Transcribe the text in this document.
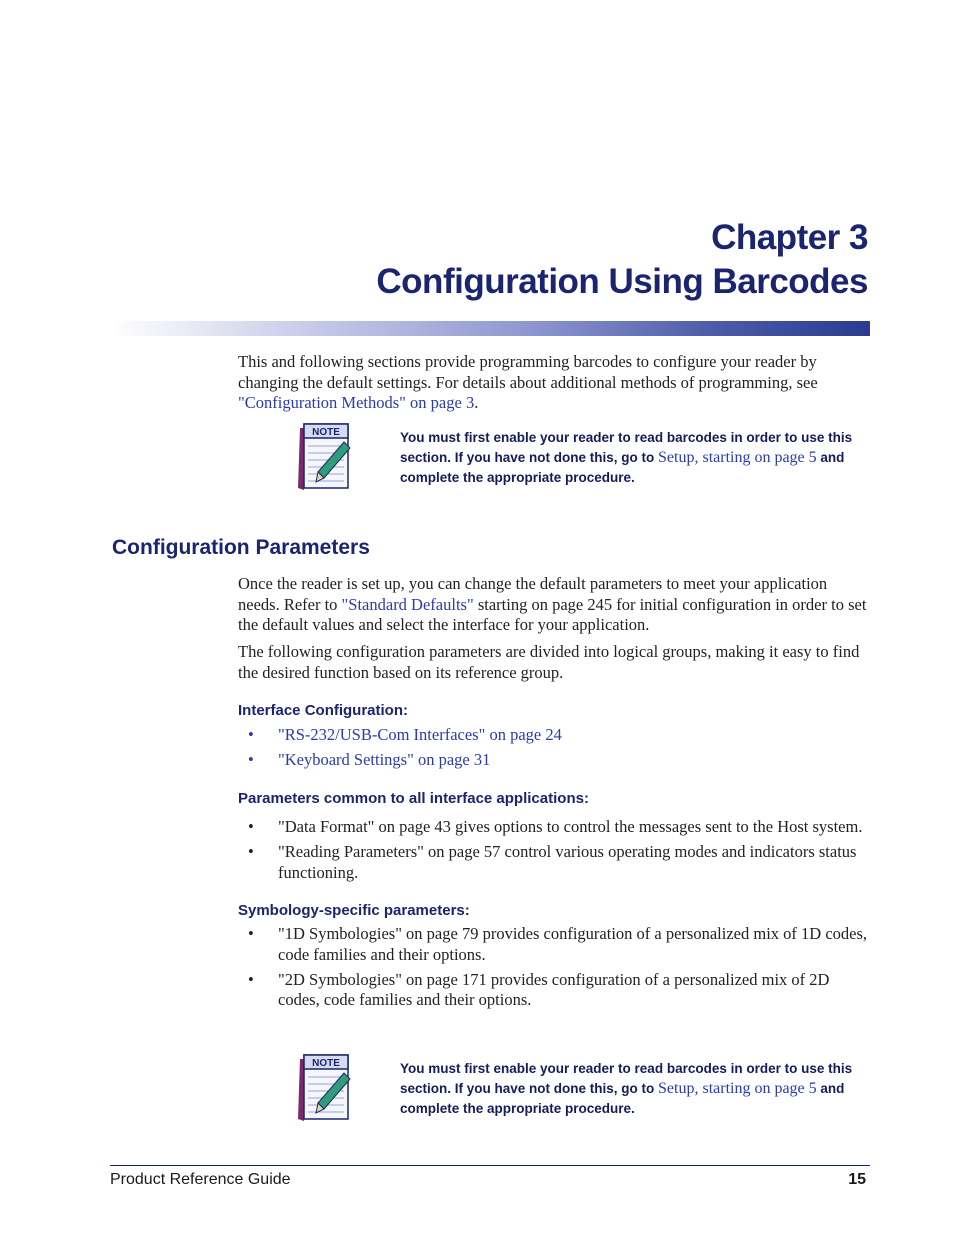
Chapter 3
Configuration Using Barcodes
This and following sections provide programming barcodes to configure your reader by changing the default settings. For details about additional methods of programming, see "Configuration Methods" on page 3.
NOTE	You must first enable your reader to read barcodes in order to use this section. If you have not done this, go to Setup, starting on page 5 and complete the appropriate procedure.
Configuration Parameters
Once the reader is set up, you can change the default parameters to meet your application needs. Refer to "Standard Defaults" starting on page 245 for initial configuration in order to set the default values and select the interface for your application.
The following configuration parameters are divided into logical groups, making it easy to find the desired function based on its reference group.
Interface Configuration:
• "RS-232/USB-Com Interfaces" on page 24
• "Keyboard Settings" on page 31
Parameters common to all interface applications:
• "Data Format" on page 43 gives options to control the messages sent to the Host system.
• "Reading Parameters" on page 57 control various operating modes and indicators status functioning.
Symbology-specific parameters:
• "1D Symbologies" on page 79 provides configuration of a personalized mix of 1D codes, code families and their options.
• "2D Symbologies" on page 171 provides configuration of a personalized mix of 2D codes, code families and their options.
NOTE	You must first enable your reader to read barcodes in order to use this section. If you have not done this, go to Setup, starting on page 5 and complete the appropriate procedure.
Product Reference Guide	15
